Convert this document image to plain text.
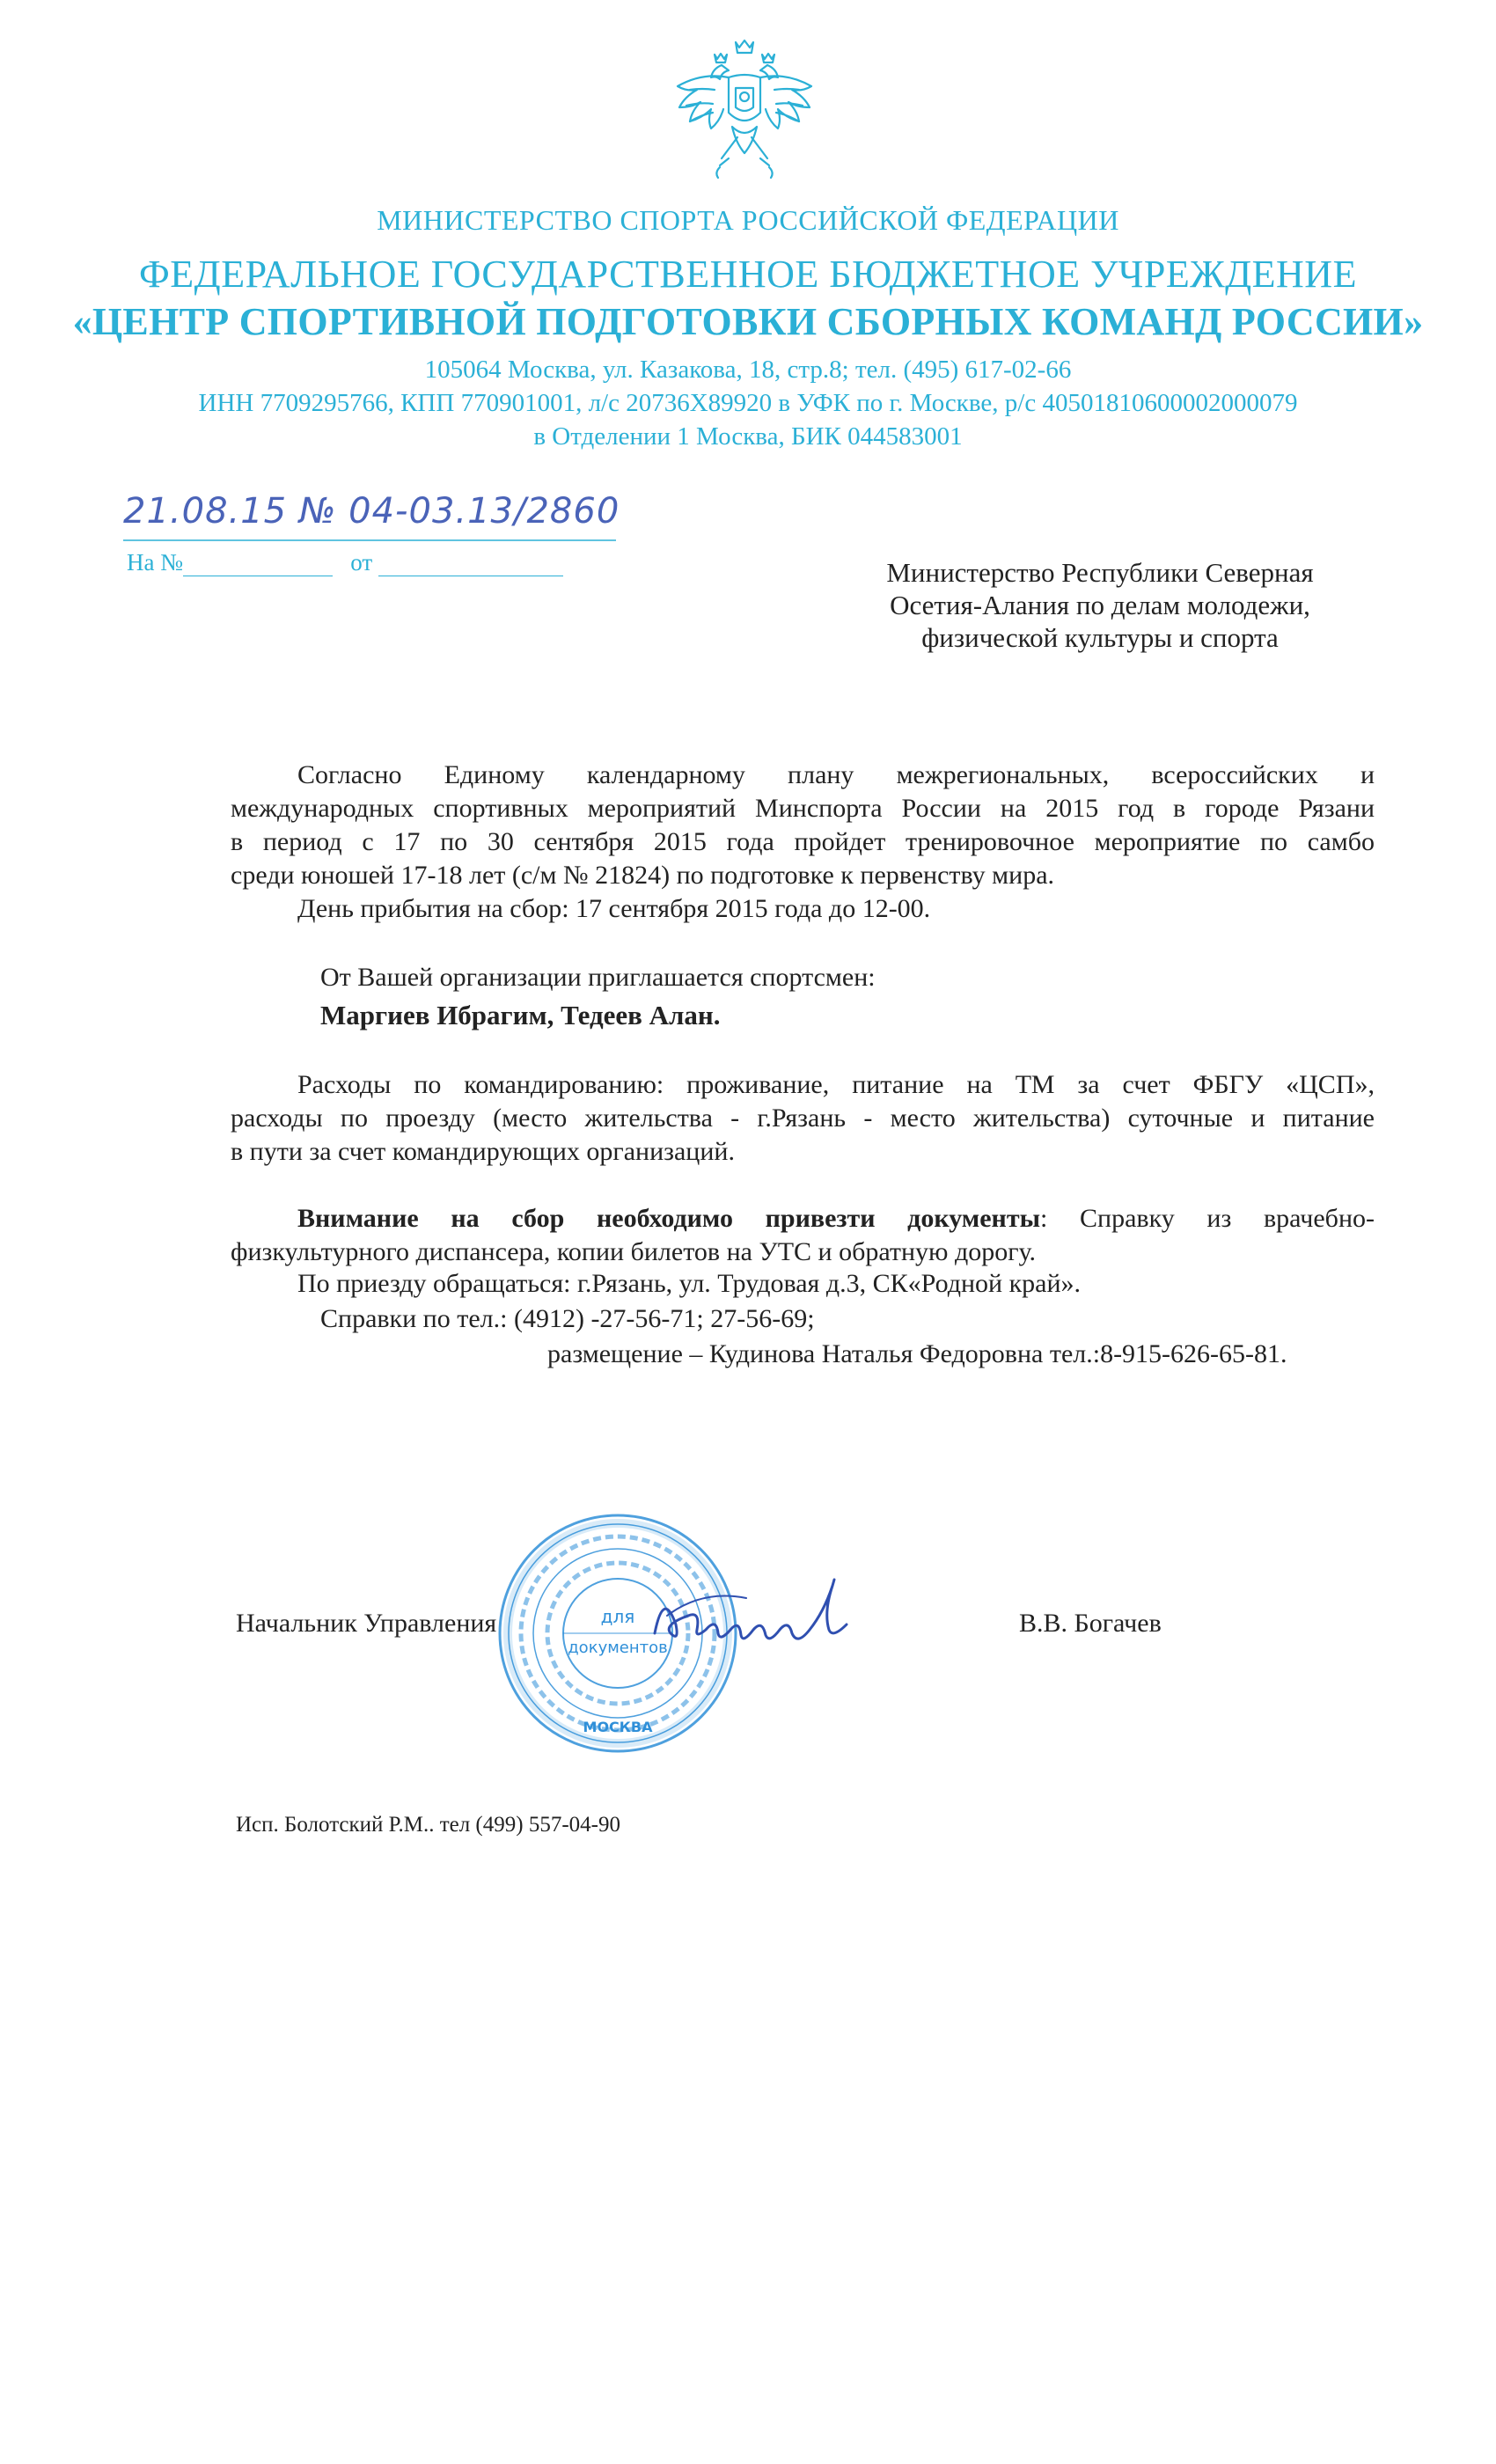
МИНИСТЕРСТВО СПОРТА РОССИЙСКОЙ ФЕДЕРАЦИИ
ФЕДЕРАЛЬНОЕ ГОСУДАРСТВЕННОЕ БЮДЖЕТНОЕ УЧРЕЖДЕНИЕ
«ЦЕНТР СПОРТИВНОЙ ПОДГОТОВКИ СБОРНЫХ КОМАНД РОССИИ»
105064 Москва, ул. Казакова, 18, стр.8; тел. (495) 617-02-66
ИНН 7709295766, КПП 770901001, л/с 20736Х89920 в УФК по г. Москве, р/с 40501810600002000079
в Отделении 1 Москва, БИК 044583001
21.08.15 № 04-03.13/2860
На №	от	Министерство Республики Северная
Осетия-Алания по делам молодежи,
физической культуры и спорта
Согласно Единому календарному плану межрегиональных, всероссийских и
международных спортивных мероприятий Минспорта России на 2015 год в городе Рязани
в период с 17 по 30 сентября 2015 года пройдет тренировочное мероприятие по самбо
среди юношей 17-18 лет (с/м № 21824) по подготовке к первенству мира.
День прибытия на сбор: 17 сентября 2015 года до 12-00.
От Вашей организации приглашается спортсмен:
Маргиев Ибрагим, Тедеев Алан.
Расходы по командированию: проживание, питание на ТМ за счет ФБГУ «ЦСП»,
расходы по проезду (место жительства - г.Рязань - место жительства) суточные и питание
в пути за счет командирующих организаций.
Внимание на сбор необходимо привезти документы: Справку из врачебно-
физкультурного диспансера, копии билетов на УТС и обратную дорогу.
По приезду обращаться: г.Рязань, ул. Трудовая д.3, СК«Родной край».
Справки по тел.: (4912) -27-56-71; 27-56-69;
размещение – Кудинова Наталья Федоровна тел.:8-915-626-65-81.
Начальник Управления	В.В. Богачев
для
документов
МОСКВА
Исп. Болотский Р.М.. тел (499) 557-04-90
